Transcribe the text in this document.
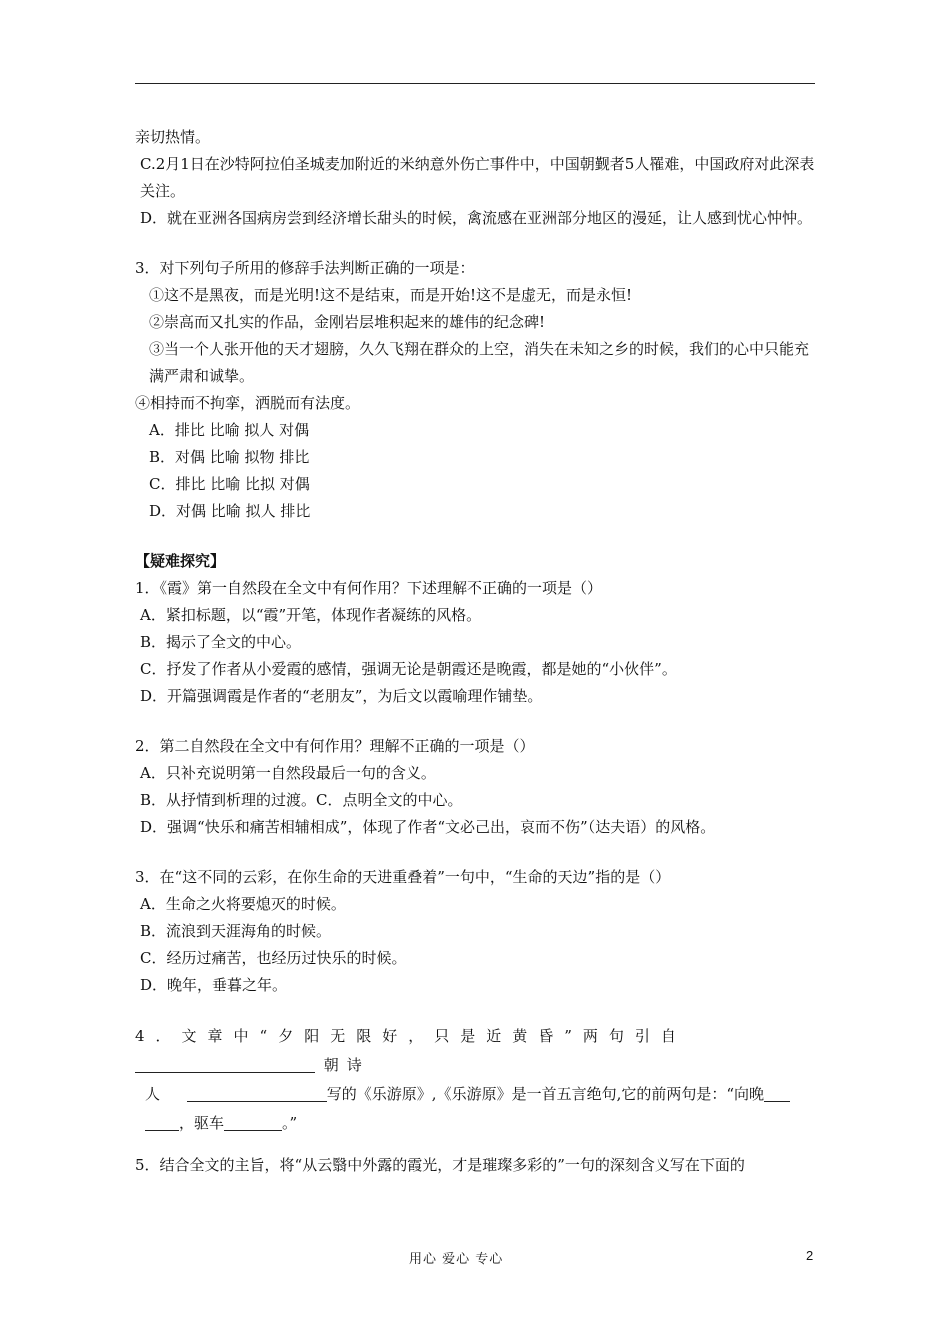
亲切热情。

C.2月1日在沙特阿拉伯圣城麦加附近的米纳意外伤亡事件中，中国朝觐者5人罹难，中国政府对此深表关注。

D．就在亚洲各国病房尝到经济增长甜头的时候，禽流感在亚洲部分地区的漫延，让人感到忧心忡忡。

3．对下列句子所用的修辞手法判断正确的一项是：

①这不是黑夜，而是光明!这不是结束，而是开始!这不是虚无，而是永恒!

②崇高而又扎实的作品，金刚岩层堆积起来的雄伟的纪念碑!

③当一个人张开他的天才翅膀，久久飞翔在群众的上空，消失在未知之乡的时候，我们的心中只能充满严肃和诚挚。

④相持而不拘挛，洒脱而有法度。

A．排比 比喻 拟人 对偶

B．对偶 比喻 拟物 排比

C．排比 比喻 比拟 对偶

D．对偶 比喻 拟人 排比

【疑难探究】

1．《霞》第一自然段在全文中有何作用？下述理解不正确的一项是（）

A．紧扣标题，以“霞”开笔，体现作者凝练的风格。

B．揭示了全文的中心。

C．抒发了作者从小爱霞的感情，强调无论是朝霞还是晚霞，都是她的“小伙伴”。

D．开篇强调霞是作者的“老朋友”，为后文以霞喻理作铺垫。

2．第二自然段在全文中有何作用？理解不正确的一项是（）

A．只补充说明第一自然段最后一句的含义。

B．从抒情到析理的过渡。C．点明全文的中心。

D．强调“快乐和痛苦相辅相成”，体现了作者“文必己出，哀而不伤”（达夫语）的风格。

3．在“这不同的云彩，在你生命的天进重叠着”一句中，“生命的天边”指的是（）

A．生命之火将要熄灭的时候。

B．流浪到天涯海角的时候。

C．经历过痛苦，也经历过快乐的时候。

D．晚年，垂暮之年。

4．文章中“夕阳无限好，只是近黄昏”两句引自  朝诗

人	写的《乐游原》,《乐游原》是一首五言绝句,它的前两句是：“向晚

，驱车	。”

5．结合全文的主旨，将“从云翳中外露的霞光，才是璀璨多彩的”一句的深刻含义写在下面的

用心 爱心 专心	2
